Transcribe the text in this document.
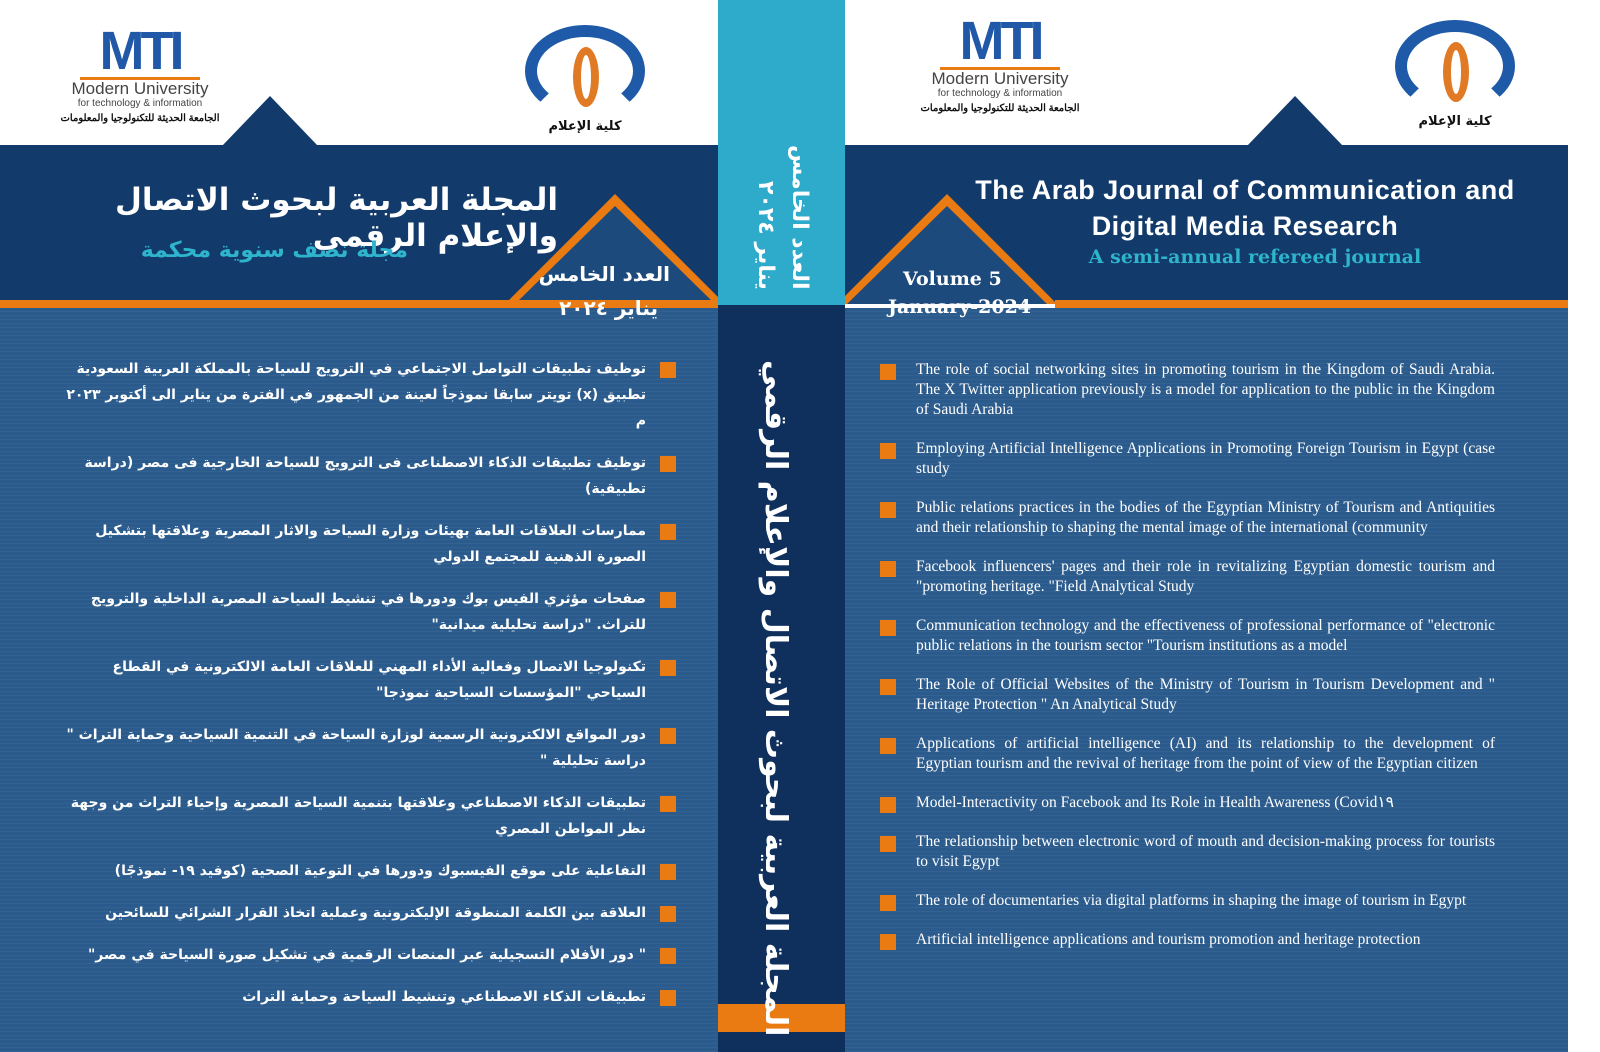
MTI
Modern University
for technology & information
الجامعة الحديثة للتكنولوجيا والمعلومات
كلية الإعلام
المجلة العربية لبحوث الاتصال والإعلام الرقمي
مجلة نصف سنوية محكمة
العدد الخامس
يناير ٢٠٢٤
توظيف تطبيقات التواصل الاجتماعي في الترويج للسياحة بالمملكة العربية السعودية تطبيق (x) تويتر سابقا نموذجاً لعينة من الجمهور في الفترة من يناير الى أكتوبر ٢٠٢٣ م
توظيف تطبيقات الذكاء الاصطناعى فى الترويج للسياحة الخارجية فى مصر (دراسة تطبيقية)
ممارسات العلاقات العامة بهيئات وزارة السياحة والاثار المصرية وعلاقتها بتشكيل الصورة الذهنية للمجتمع الدولي
صفحات مؤثري الفيس بوك ودورها في تنشيط السياحة المصرية الداخلية والترويج للتراث. "دراسة تحليلية ميدانية"
تكنولوجيا الاتصال وفعالية الأداء المهني للعلاقات العامة الالكترونية في القطاع السياحي "المؤسسات السياحية نموذجا"
دور المواقع الالكترونية الرسمية لوزارة السياحة في التنمية السياحية وحماية التراث " دراسة تحليلية "
تطبيقات الذكاء الاصطناعي وعلاقتها بتنمية السياحة المصرية وإحياء التراث من وجهة نظر المواطن المصري
التفاعلية على موقع الفيسبوك ودورها في التوعية الصحية (كوفيد ١٩- نموذجًا)
العلاقة بين الكلمة المنطوقة الإليكترونية وعملية اتخاذ القرار الشرائي للسائحين
" دور الأفلام التسجيلية عبر المنصات الرقمية في تشكيل صورة السياحة في مصر"
تطبيقات الذكاء الاصطناعي وتنشيط السياحة وحماية التراث
العدد الخامس
يناير ٢٠٢٤
المجلة العربية لبحوث الاتصال والإعلام الرقمي
MTI
Modern University
for technology & information
الجامعة الحديثة للتكنولوجيا والمعلومات
كلية الإعلام
The Arab Journal of Communication and Digital Media Research
A semi-annual refereed journal
Volume 5
January-2024
The role of social networking sites in promoting tourism in the Kingdom of Saudi Arabia. The X Twitter application previously is a model for application to the public in the Kingdom of Saudi Arabia
Employing Artificial Intelligence Applications in Promoting Foreign Tourism in Egypt (case study
Public relations practices in the bodies of the Egyptian Ministry of Tourism and Antiquities and their relationship to shaping the mental image of the international (community
Facebook influencers' pages and their role in revitalizing Egyptian domestic tourism and "promoting heritage. "Field Analytical Study
Communication technology and the effectiveness of professional performance of "electronic public relations in the tourism sector "Tourism institutions as a model
The Role of Official Websites of the Ministry of Tourism in Tourism Development and " Heritage Protection " An Analytical Study
Applications of artificial intelligence (AI) and its relationship to the development of Egyptian tourism and the revival of heritage from the point of view of the Egyptian citizen
Model-Interactivity on Facebook and Its Role in Health Awareness (Covid١٩
The relationship between electronic word of mouth and decision-making process for tourists to visit Egypt
The role of documentaries via digital platforms in shaping the image of tourism in Egypt
Artificial intelligence applications and tourism promotion and heritage protection
